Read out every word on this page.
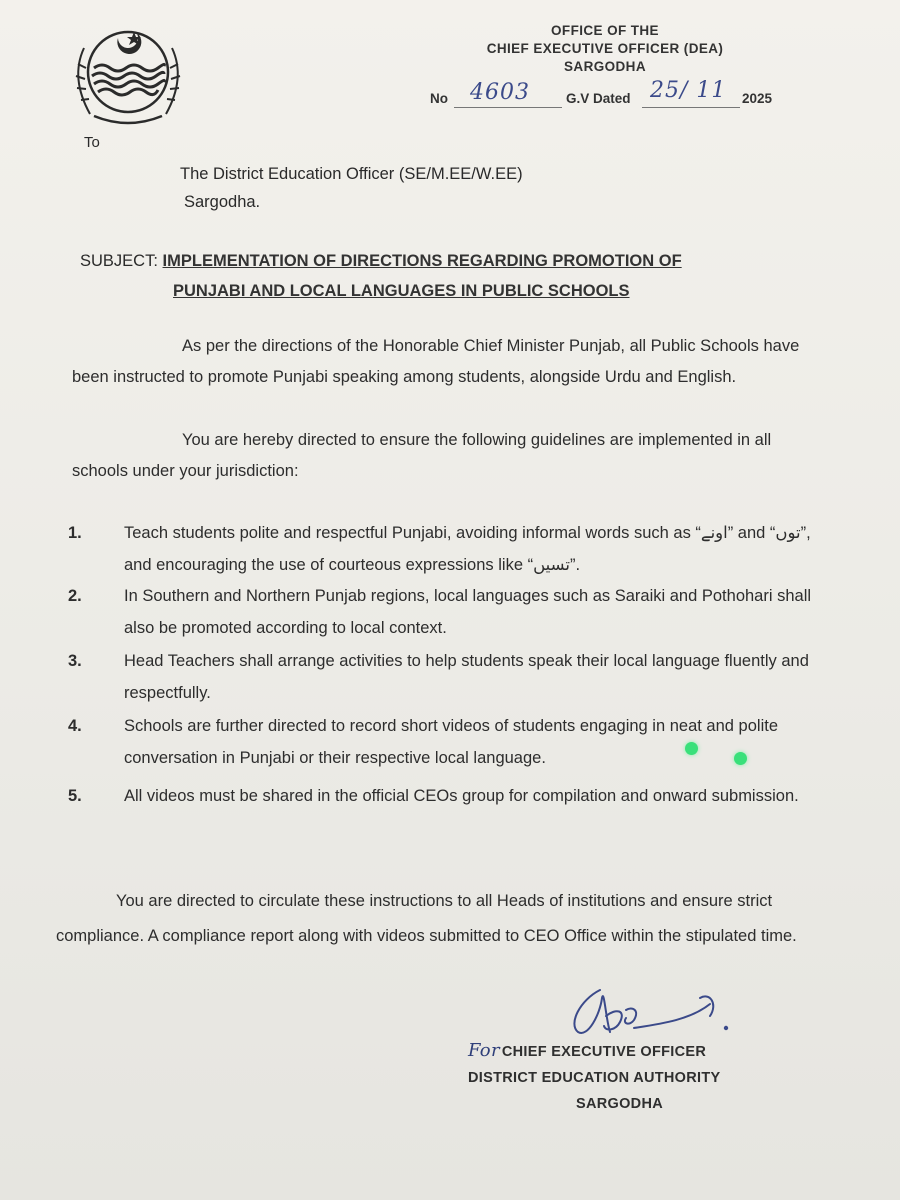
OFFICE OF THE
CHIEF EXECUTIVE OFFICER (DEA)
SARGODHA
No 4603	G.V Dated 25/ 11 2025
To
The District Education Officer (SE/M.EE/W.EE)
Sargodha.
SUBJECT: IMPLEMENTATION OF DIRECTIONS REGARDING PROMOTION OF
PUNJABI AND LOCAL LANGUAGES IN PUBLIC SCHOOLS
As per the directions of the Honorable Chief Minister Punjab, all Public Schools have been instructed to promote Punjabi speaking among students, alongside Urdu and English.
You are hereby directed to ensure the following guidelines are implemented in all schools under your jurisdiction:
1.	Teach students polite and respectful Punjabi, avoiding informal words such as “اونے” and “توں”, and encouraging the use of courteous expressions like “تسیں”.
2.	In Southern and Northern Punjab regions, local languages such as Saraiki and Pothohari shall also be promoted according to local context.
3.	Head Teachers shall arrange activities to help students speak their local language fluently and respectfully.
4.	Schools are further directed to record short videos of students engaging in neat and polite conversation in Punjabi or their respective local language.
5.	All videos must be shared in the official CEOs group for compilation and onward submission.
You are directed to circulate these instructions to all Heads of institutions and ensure strict compliance. A compliance report along with videos submitted to CEO Office within the stipulated time.
For CHIEF EXECUTIVE OFFICER
DISTRICT EDUCATION AUTHORITY
SARGODHA
